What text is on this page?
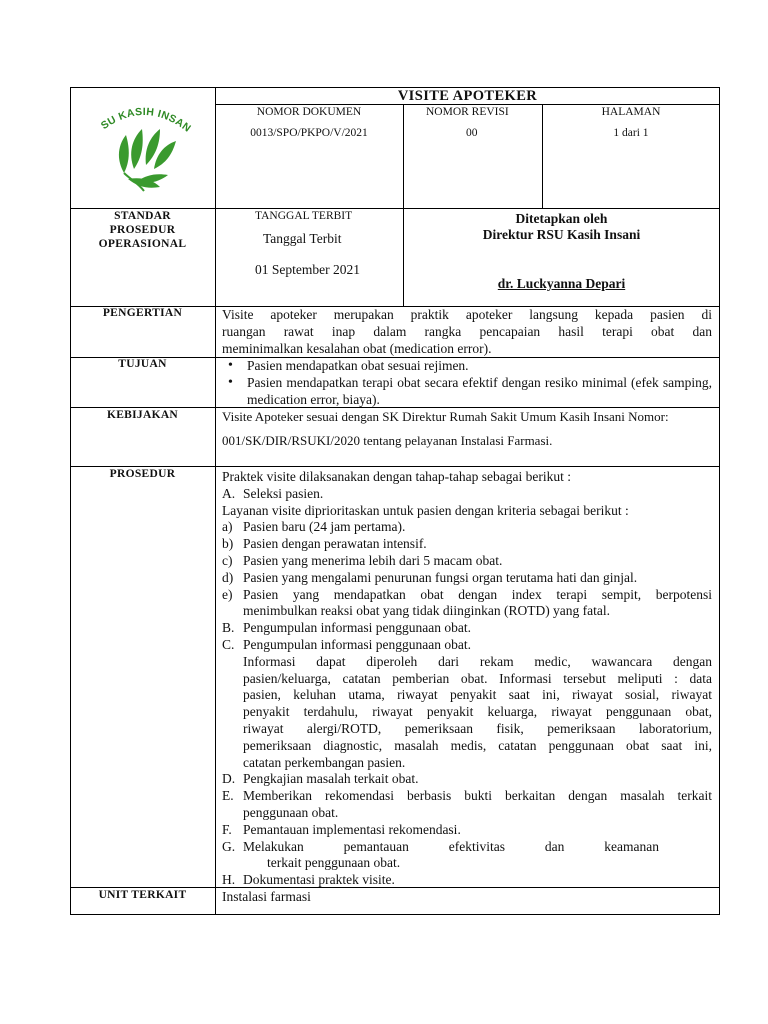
SU KASIH INSAN
VISITE APOTEKER
NOMOR DOKUMEN
0013/SPO/PKPO/V/2021
NOMOR REVISI
00
HALAMAN
1 dari 1
STANDAR
PROSEDUR
OPERASIONAL
TANGGAL TERBIT
Tanggal Terbit
01 September 2021
Ditetapkan oleh
Direktur RSU Kasih Insani
dr. Luckyanna Depari
PENGERTIAN	Visite apoteker merupakan praktik apoteker langsung kepada pasien di
ruangan rawat inap dalam rangka pencapaian hasil terapi obat dan
meminimalkan kesalahan obat (medication error).
TUJUAN
•	Pasien mendapatkan obat sesuai rejimen.
• Pasien mendapatkan terapi obat secara efektif dengan resiko minimal (efek samping, medication error, biaya).
KEBIJAKAN	Visite Apoteker sesuai dengan SK Direktur Rumah Sakit Umum Kasih Insani Nomor:
001/SK/DIR/RSUKI/2020 tentang pelayanan Instalasi Farmasi.
PROSEDUR	Praktek visite dilaksanakan dengan tahap-tahap sebagai berikut :
A. Seleksi pasien.
Layanan visite diprioritaskan untuk pasien dengan kriteria sebagai berikut :
a) Pasien baru (24 jam pertama).
b) Pasien dengan perawatan intensif.
c) Pasien yang menerima lebih dari 5 macam obat.
d) Pasien yang mengalami penurunan fungsi organ terutama hati dan ginjal.
e) Pasien yang mendapatkan obat dengan index terapi sempit, berpotensi
menimbulkan reaksi obat yang tidak diinginkan (ROTD) yang fatal.
B. Pengumpulan informasi penggunaan obat.
C. Pengumpulan informasi penggunaan obat.
Informasi dapat diperoleh dari rekam medic, wawancara dengan
pasien/keluarga, catatan pemberian obat. Informasi tersebut meliputi : data
pasien, keluhan utama, riwayat penyakit saat ini, riwayat sosial, riwayat
penyakit terdahulu, riwayat penyakit keluarga, riwayat penggunaan obat,
riwayat alergi/ROTD, pemeriksaan fisik, pemeriksaan laboratorium,
pemeriksaan diagnostic, masalah medis, catatan penggunaan obat saat ini,
catatan perkembangan pasien.
D. Pengkajian masalah terkait obat.
E. Memberikan rekomendasi berbasis bukti berkaitan dengan masalah terkait
penggunaan obat.
F. Pemantauan implementasi rekomendasi.
G. Melakukan pemantauan efektivitas dan keamanan
terkait penggunaan obat.
H. Dokumentasi praktek visite.
UNIT TERKAIT	Instalasi farmasi
